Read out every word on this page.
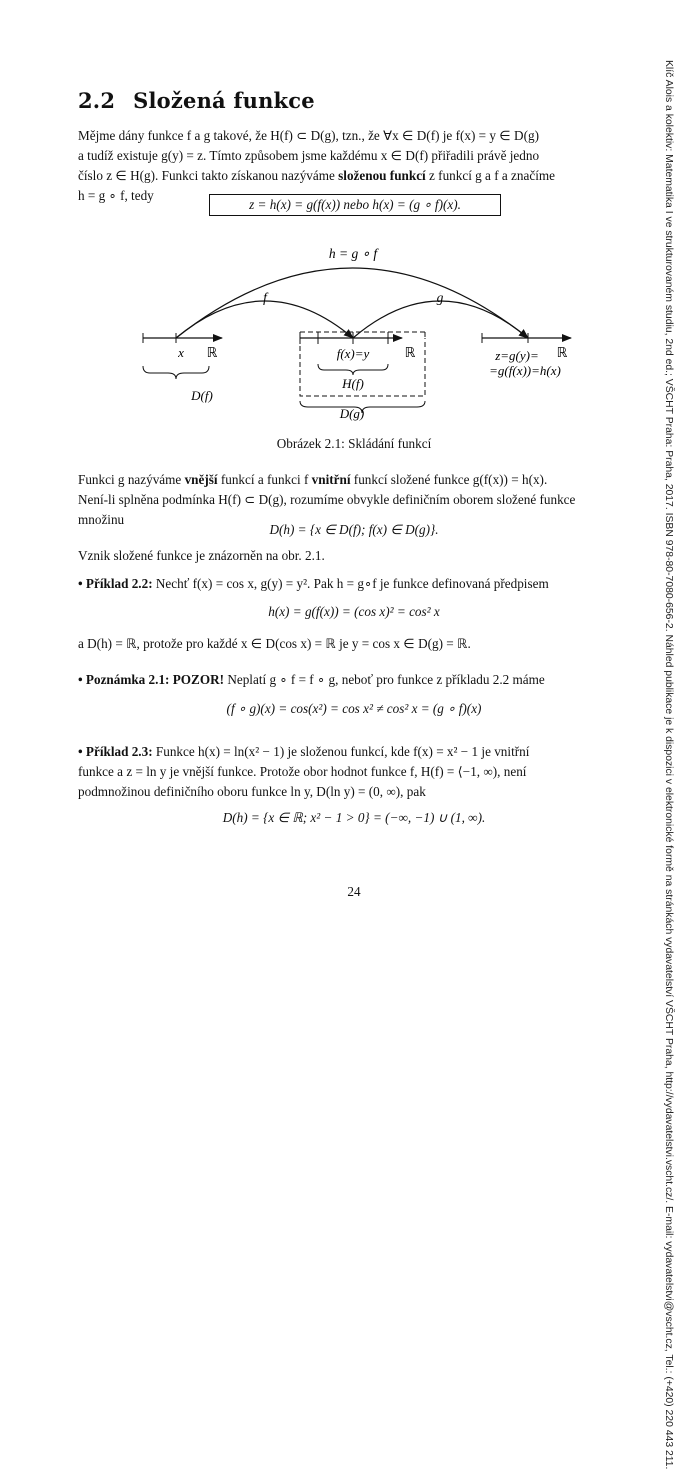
2.2 Složená funkce
Mějme dány funkce f a g takové, že H(f) ⊂ D(g), tzn., že ∀x ∈ D(f) je f(x) = y ∈ D(g)
a tudíž existuje g(y) = z. Tímto způsobem jsme každému x ∈ D(f) přiřadili právě jedno
číslo z ∈ H(g). Funkci takto získanou nazýváme složenou funkcí z funkcí g a f a značíme
h = g ∘ f, tedy
z = h(x) = g(f(x)) nebo h(x) = (g ∘ f)(x).
h = g ∘ f
f	g
x ℝ
D(f)
f(x)=y	ℝ
H(f)
D(g)
z=g(y)=
=g(f(x))=h(x)
ℝ
Obrázek 2.1: Skládání funkcí
Funkci g nazýváme vnější funkcí a funkci f vnitřní funkcí složené funkce g(f(x)) = h(x).
Není-li splněna podmínka H(f) ⊂ D(g), rozumíme obvykle definičním oborem složené funkce
množinu
D(h) = {x ∈ D(f); f(x) ∈ D(g)}.
Vznik složené funkce je znázorněn na obr. 2.1.
• Příklad 2.2: Nechť f(x) = cos x, g(y) = y². Pak h = g∘f je funkce definovaná předpisem
h(x) = g(f(x)) = (cos x)² = cos² x
a D(h) = ℝ, protože pro každé x ∈ D(cos x) = ℝ je y = cos x ∈ D(g) = ℝ.
• Poznámka 2.1: POZOR! Neplatí g ∘ f = f ∘ g, neboť pro funkce z příkladu 2.2 máme
(f ∘ g)(x) = cos(x²) = cos x² ≠ cos² x = (g ∘ f)(x)
• Příklad 2.3: Funkce h(x) = ln(x² − 1) je složenou funkcí, kde f(x) = x² − 1 je vnitřní
funkce a z = ln y je vnější funkce. Protože obor hodnot funkce f, H(f) = ⟨−1, ∞), není
podmnožinou definičního oboru funkce ln y, D(ln y) = (0, ∞), pak
D(h) = {x ∈ ℝ; x² − 1 > 0} = (−∞, −1) ∪ (1, ∞).
24	Klíč Alois a kolektiv: Matematika I ve strukturovaném studiu, 2nd ed.; VŠCHT Praha: Praha, 2017. ISBN 978-80-7080-656-2. Náhled publikace je k dispozici v elektronické formě na stránkách vydavatelství VŠCHT Praha, http://vydavatelstvi.vscht.cz/. E-mail: vydavatelstvi@vscht.cz, Tel.: (+420) 220 443 211.
